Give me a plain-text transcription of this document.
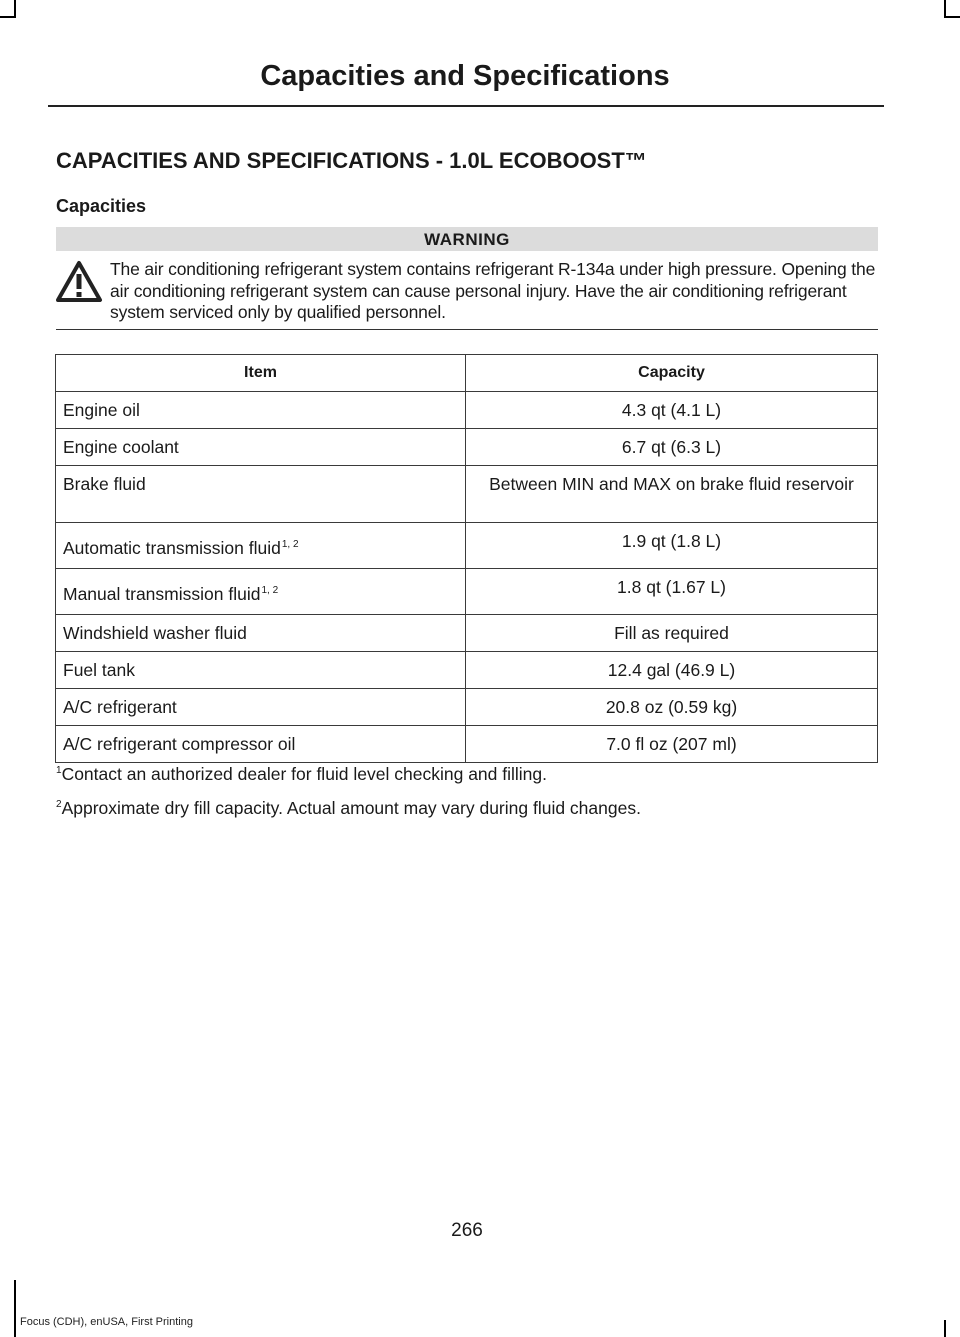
Capacities and Specifications
CAPACITIES AND SPECIFICATIONS - 1.0L ECOBOOST™
Capacities
WARNING
The air conditioning refrigerant system contains refrigerant R-134a under high pressure. Opening the air conditioning refrigerant system can cause personal injury. Have the air conditioning refrigerant system serviced only by qualified personnel.
Item	Capacity
Engine oil	4.3 qt (4.1 L)
Engine coolant	6.7 qt (6.3 L)
Brake fluid	Between MIN and MAX on brake fluid reservoir
Automatic transmission fluid$^{1, 2}$	1.9 qt (1.8 L)
Manual transmission fluid$^{1, 2}$	1.8 qt (1.67 L)
Windshield washer fluid	Fill as required
Fuel tank	12.4 gal (46.9 L)
A/C refrigerant	20.8 oz (0.59 kg)
A/C refrigerant compressor oil	7.0 fl oz (207 ml)
$^1$Contact an authorized dealer for fluid level checking and filling.
$^2$Approximate dry fill capacity. Actual amount may vary during fluid changes.
266
Focus (CDH), enUSA, First Printing
